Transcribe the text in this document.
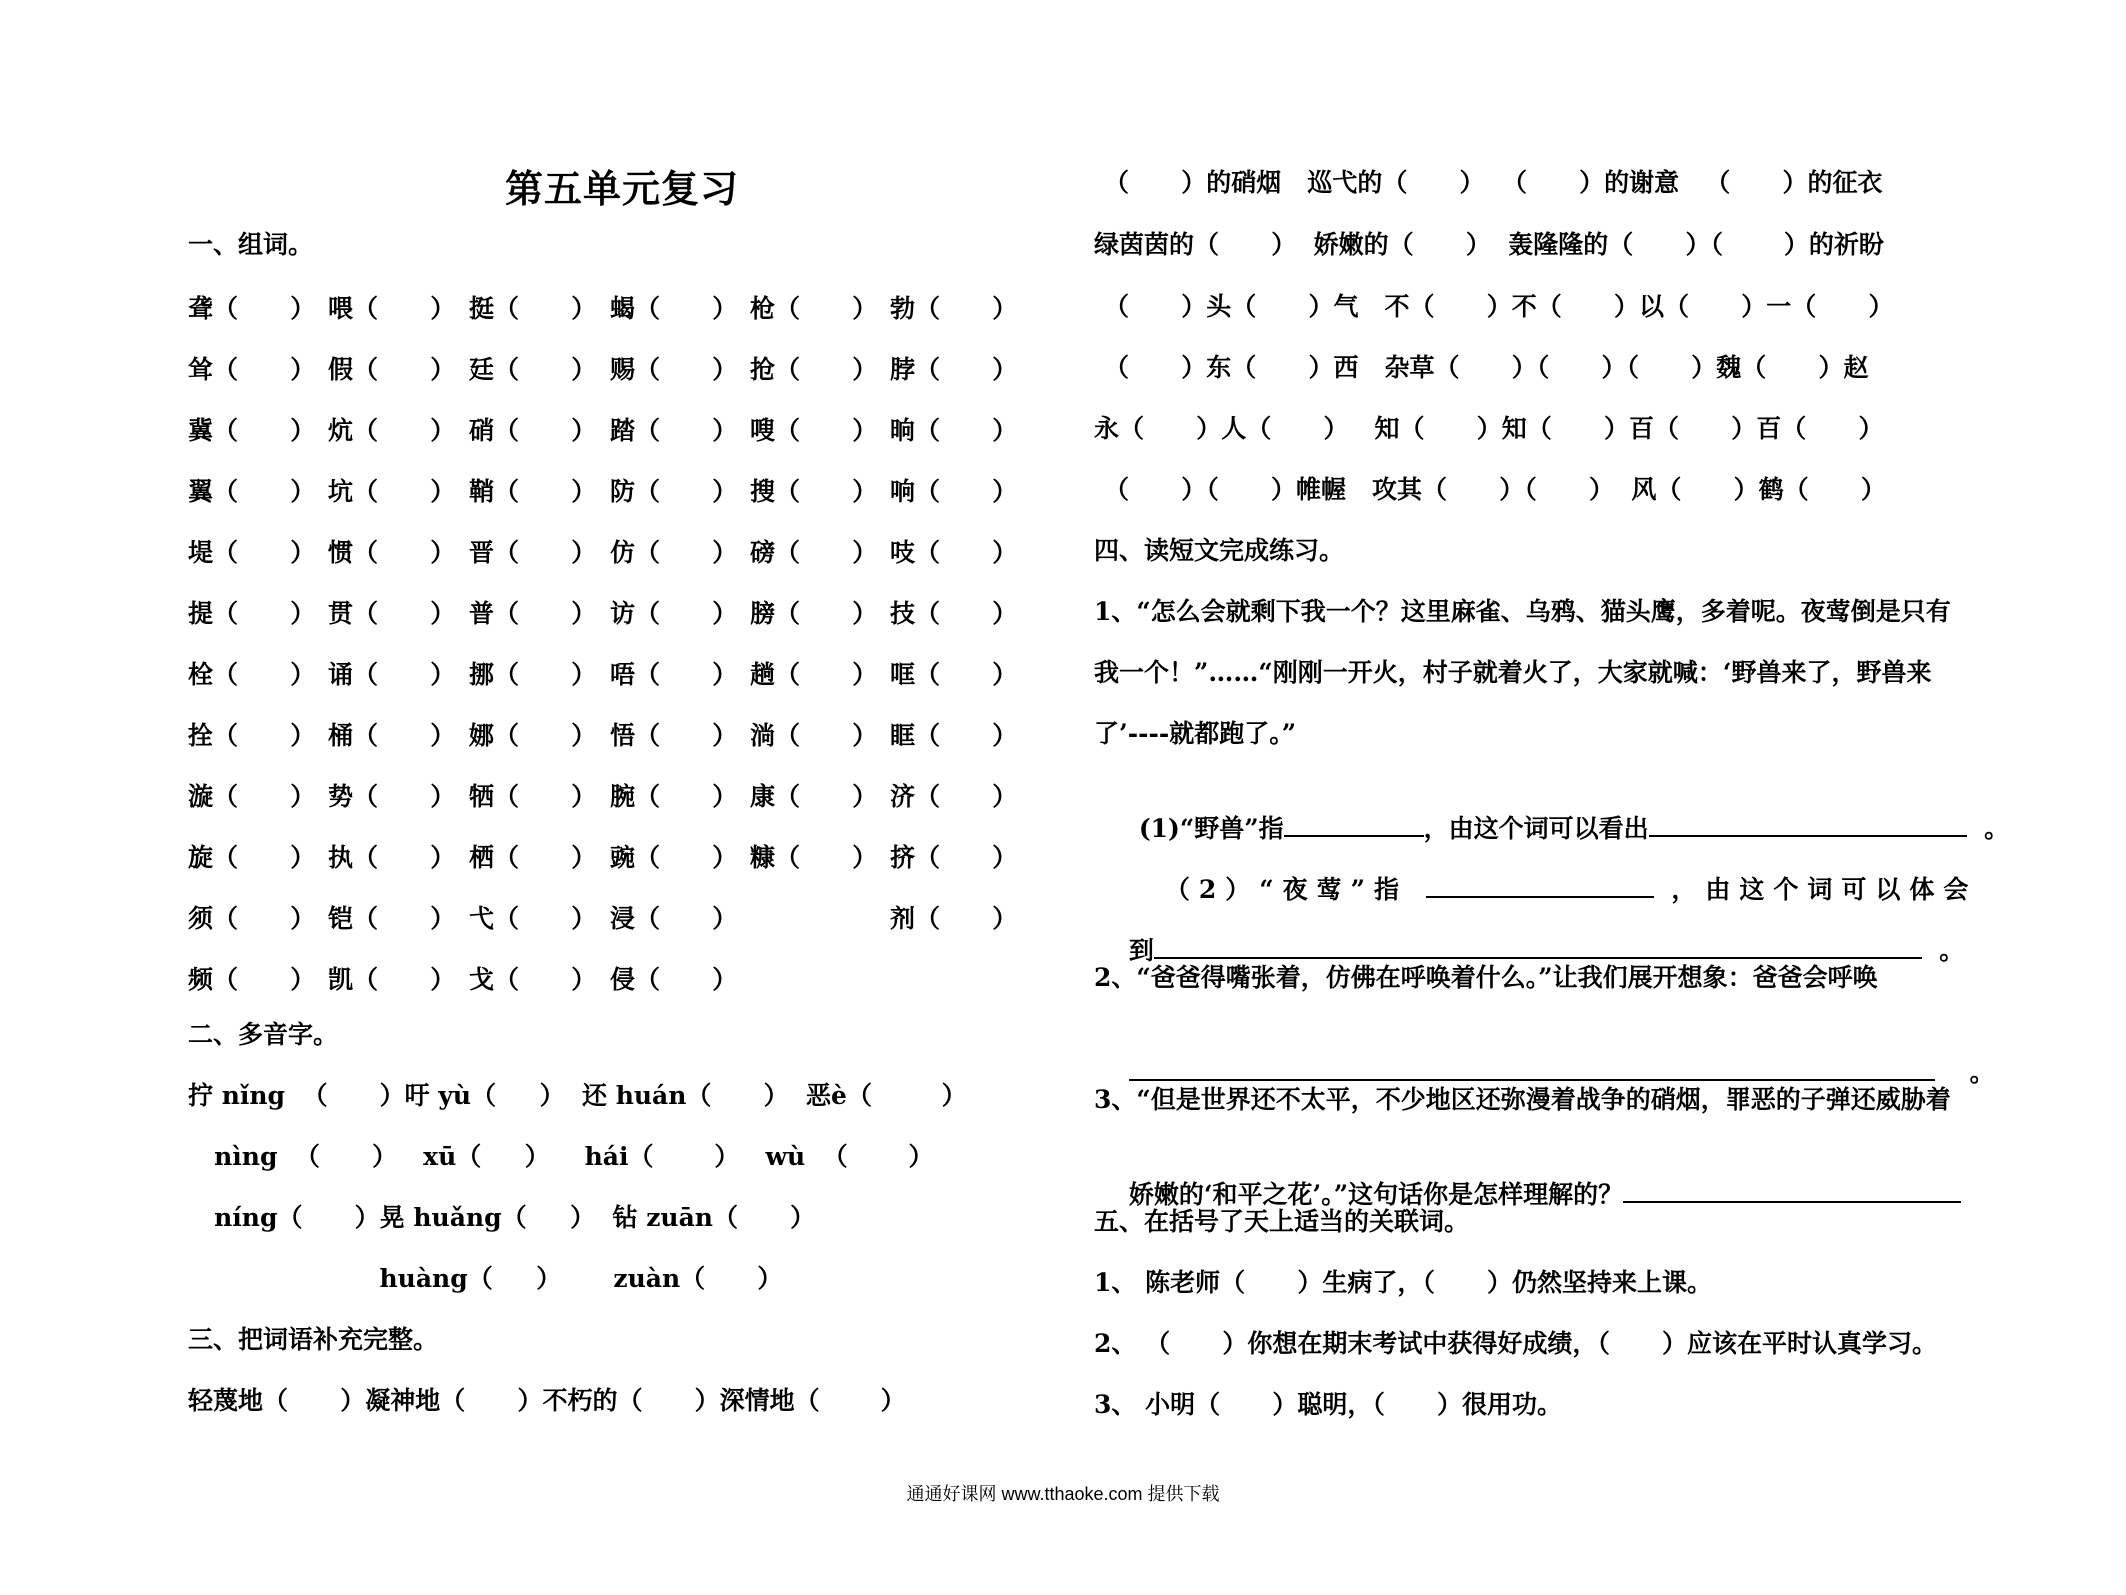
第五单元复习
一、组词。
聋（      ） 喂（      ） 挺（      ） 蝎（      ） 枪（      ） 勃（      ）
耸（      ） 假（      ） 廷（      ） 赐（      ） 抢（      ） 脖（      ）
冀（      ） 炕（      ） 硝（      ） 踏（      ） 嗖（      ） 晌（      ）
翼（      ） 坑（      ） 鞘（      ） 防（      ） 搜（      ） 响（      ）
堤（      ） 惯（      ） 晋（      ） 仿（      ） 磅（      ） 吱（      ）
提（      ） 贯（      ） 普（      ） 访（      ） 膀（      ） 技（      ）
栓（      ） 诵（      ） 挪（      ） 唔（      ） 趟（      ） 哐（      ）
拴（      ） 桶（      ） 娜（      ） 悟（      ） 淌（      ） 眶（      ）
漩（      ） 势（      ） 牺（      ） 腕（      ） 康（      ） 济（      ）
旋（      ） 执（      ） 栖（      ） 豌（      ） 糠（      ） 挤（      ）
须（      ） 铠（      ） 弋（      ） 浸（      ）	剂（      ）
频（      ） 凯（      ） 戈（      ） 侵（      ）
二、多音字。
拧 nǐng  （      ）吁 yù（     ）  还 huán（      ）  恶è（        ）
nìng  （      ）   xū（     ）    hái（       ）   wù  （       ）
níng（      ）晃 huǎng（     ）  钻 zuān（      ）
huàng（     ）      zuàn（      ）
三、把词语补充完整。
轻蔑地（      ）凝神地（      ）不朽的（      ）深情地（       ）
（      ）的硝烟   巡弋的（      ）  （      ）的谢意   （      ）的征衣
绿茵茵的（      ）  娇嫩的（      ）  轰隆隆的（      ）（       ）的祈盼
（      ）头（      ）气   不（      ）不（      ）以（      ）一（      ）
（      ）东（      ）西   杂草（      ）（      ）（      ）魏（      ）赵
永（      ）人（      ）   知（      ）知（      ）百（      ）百（      ）
（      ）（      ）帷幄   攻其（      ）（      ）  风（      ）鹤（      ）
四、读短文完成练习。
1、“怎么会就剩下我一个？这里麻雀、乌鸦、猫头鹰，多着呢。夜莺倒是只有
我一个！”……“刚刚一开火，村子就着火了，大家就喊：‘野兽来了，野兽来
了’----就都跑了。”

(1)“野兽”指	，由这个词可以看出	。

（2）“夜莺”指	，由这个词可以体会

到	。

2、“爸爸得嘴张着，仿佛在呼唤着什么。”让我们展开想象：爸爸会呼唤

。

3、“但是世界还不太平，不少地区还弥漫着战争的硝烟，罪恶的子弹还威胁着

娇嫩的‘和平之花’。”这句话你是怎样理解的？

五、在括号了天上适当的关联词。
1、 陈老师（      ）生病了，（      ）仍然坚持来上课。
2、 （      ）你想在期末考试中获得好成绩，（      ）应该在平时认真学习。
3、 小明（      ）聪明，（      ）很用功。
通通好课网 www.tthaoke.com 提供下载
